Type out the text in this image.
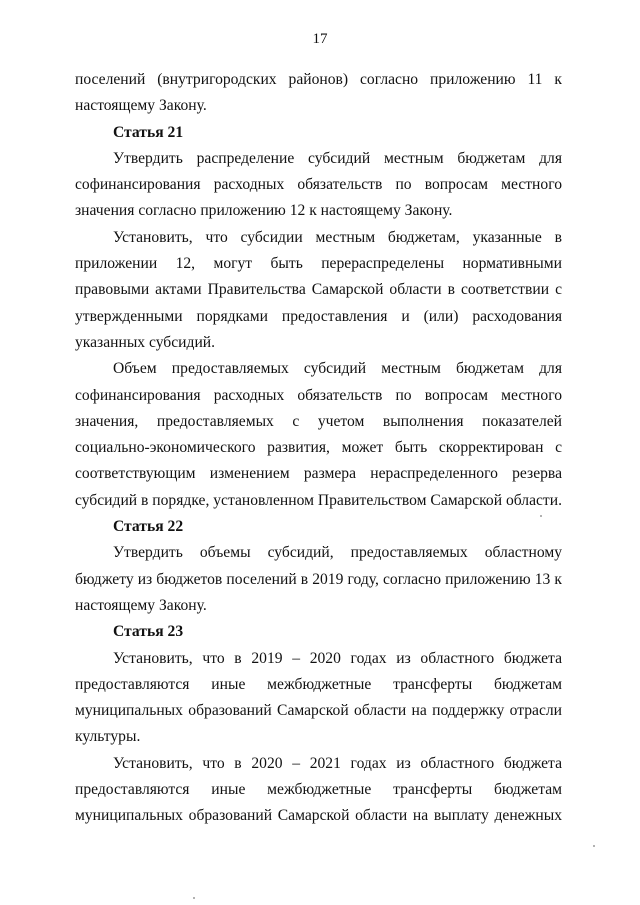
17

поселений (внутригородских районов) согласно приложению 11 к настоящему Закону.

Статья 21

Утвердить распределение субсидий местным бюджетам для софинансирования расходных обязательств по вопросам местного значения согласно приложению 12 к настоящему Закону.

Установить, что субсидии местным бюджетам, указанные в приложении 12, могут быть перераспределены нормативными правовыми актами Правительства Самарской области в соответствии с утвержденными порядками предоставления и (или) расходования указанных субсидий.

Объем предоставляемых субсидий местным бюджетам для софинансирования расходных обязательств по вопросам местного значения, предоставляемых с учетом выполнения показателей социально-экономического развития, может быть скорректирован с соответствующим изменением размера нераспределенного резерва субсидий в порядке, установленном Правительством Самарской области.

Статья 22

Утвердить объемы субсидий, предоставляемых областному бюджету из бюджетов поселений в 2019 году, согласно приложению 13 к настоящему Закону.

Статья 23

Установить, что в 2019 – 2020 годах из областного бюджета предоставляются иные межбюджетные трансферты бюджетам муниципальных образований Самарской области на поддержку отрасли культуры.

Установить, что в 2020 – 2021 годах из областного бюджета предоставляются иные межбюджетные трансферты бюджетам муниципальных образований Самарской области на выплату денежных
